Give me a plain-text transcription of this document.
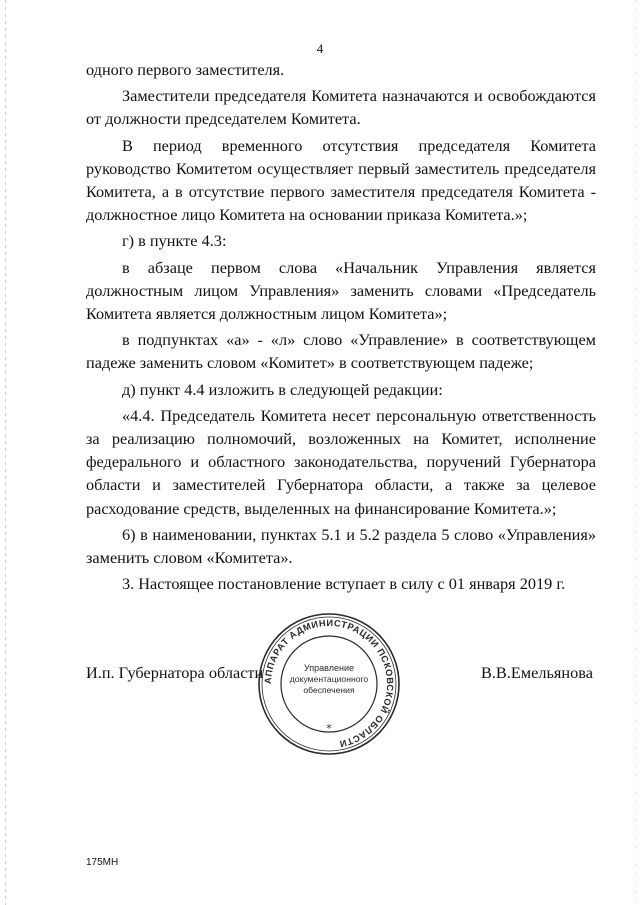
4

одного первого заместителя.

Заместители председателя Комитета назначаются и освобождаются от должности председателем Комитета.

В период временного отсутствия председателя Комитета руководство Комитетом осуществляет первый заместитель председателя Комитета, а в отсутствие первого заместителя председателя Комитета - должностное лицо Комитета на основании приказа Комитета.»;

г) в пункте 4.3:

в абзаце первом слова «Начальник Управления является должностным лицом Управления» заменить словами «Председатель Комитета является должностным лицом Комитета»;

в подпунктах «а» - «л» слово «Управление» в соответствующем падеже заменить словом «Комитет» в соответствующем падеже;

д) пункт 4.4 изложить в следующей редакции:

«4.4. Председатель Комитета несет персональную ответственность за реализацию полномочий, возложенных на Комитет, исполнение федерального и областного законодательства, поручений Губернатора области и заместителей Губернатора области, а также за целевое расходование средств, выделенных на финансирование Комитета.»;

6) в наименовании, пунктах 5.1 и 5.2 раздела 5 слово «Управления» заменить словом «Комитета».

3. Настоящее постановление вступает в силу с 01 января 2019 г.

И.п. Губернатора области АППАРАТ АДМИНИСТРАЦИИ ПСКОВСКОЙ ОБЛАСТИ
Управление
документационного
обеспечения
*
В.В.Емельянова
175МН
